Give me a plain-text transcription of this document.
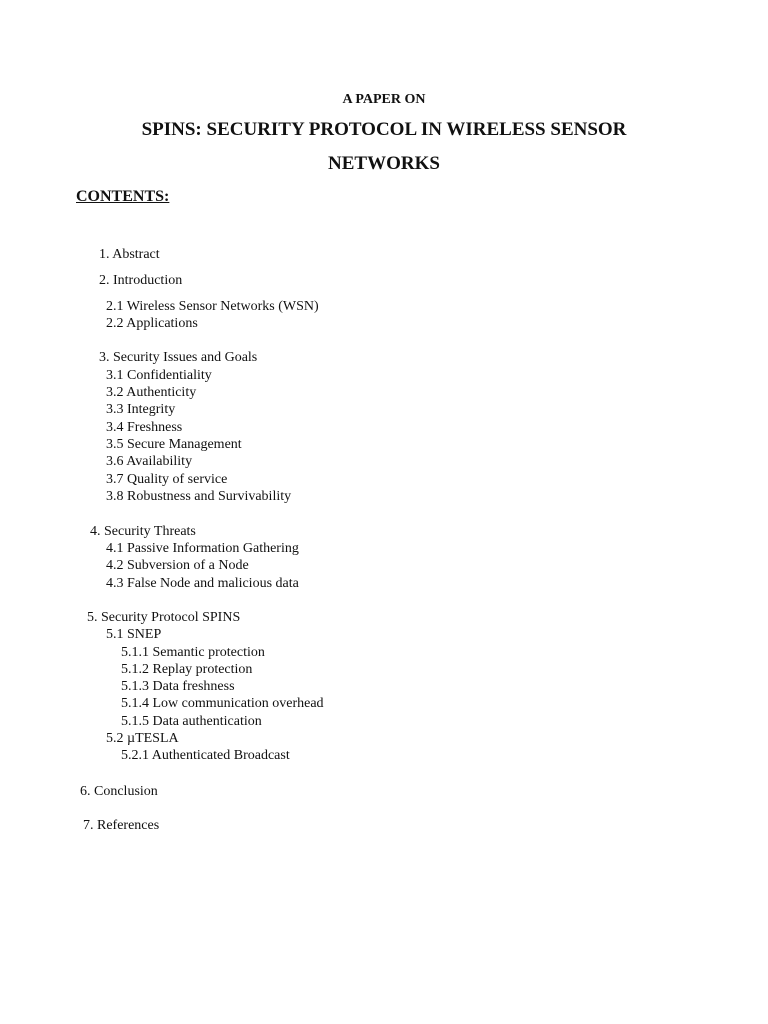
A PAPER ON
SPINS: SECURITY PROTOCOL IN WIRELESS SENSOR
NETWORKS
CONTENTS:
1. Abstract
2. Introduction
2.1 Wireless Sensor Networks (WSN)
2.2 Applications
3. Security Issues and Goals
3.1 Confidentiality
3.2 Authenticity
3.3 Integrity
3.4 Freshness
3.5 Secure Management
3.6 Availability
3.7 Quality of service
3.8 Robustness and Survivability
4. Security Threats
4.1 Passive Information Gathering
4.2 Subversion of a Node
4.3 False Node and malicious data
5. Security Protocol SPINS
5.1 SNEP
5.1.1 Semantic protection
5.1.2 Replay protection
5.1.3 Data freshness
5.1.4 Low communication overhead
5.1.5 Data authentication
5.2 µTESLA
5.2.1 Authenticated Broadcast
6. Conclusion
7. References
